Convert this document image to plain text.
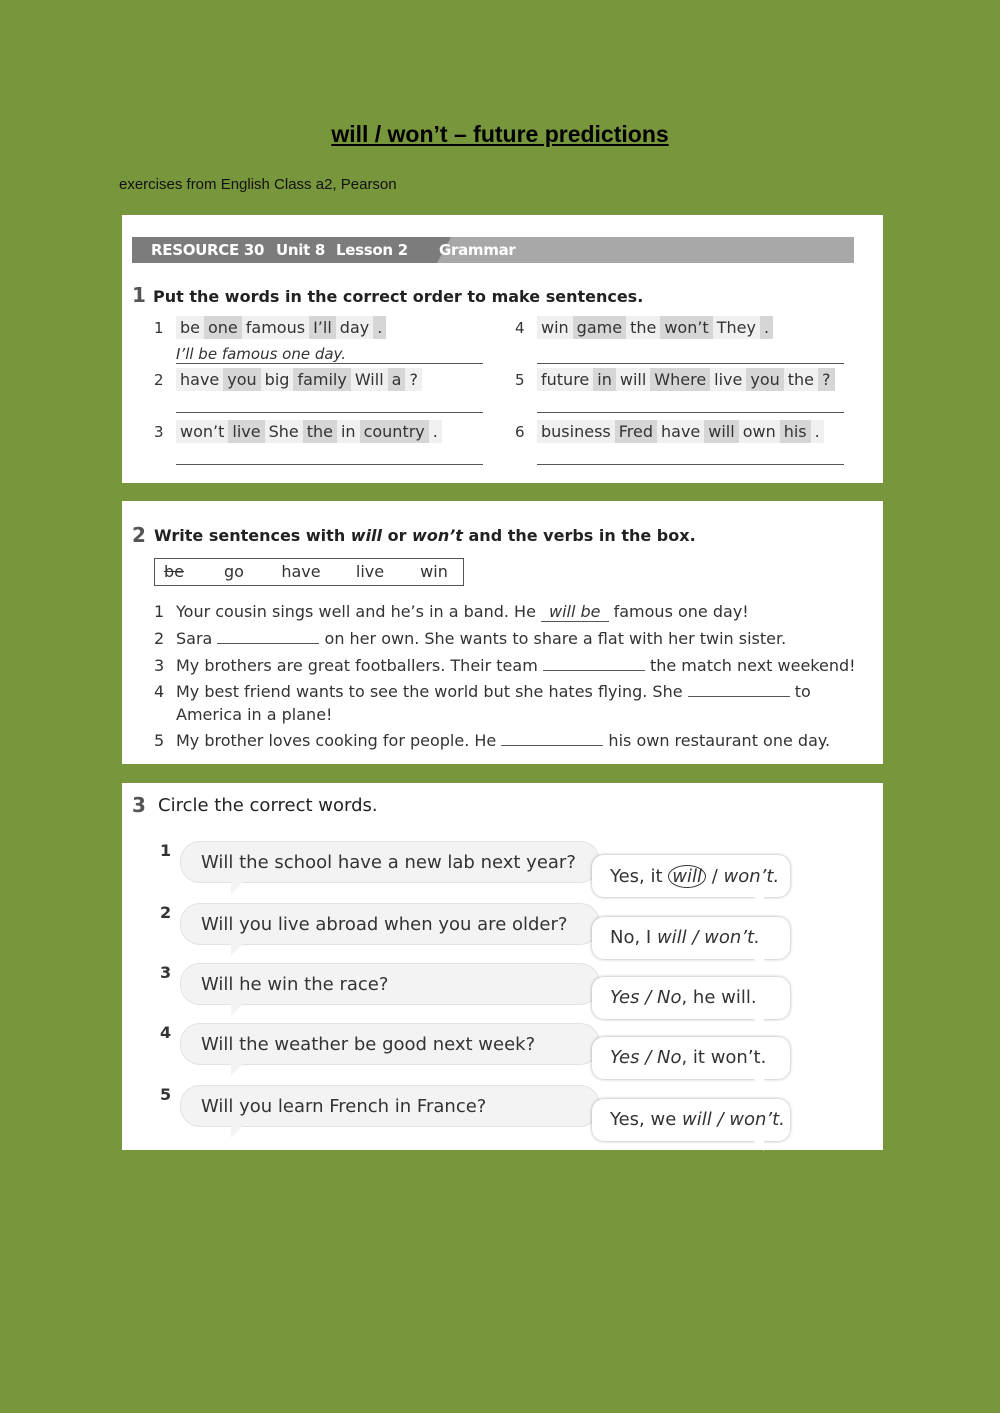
will / won’t – future predictions
exercises from English Class a2, Pearson
RESOURCE 30 Unit 8 Lesson 2 Grammar
1 Put the words in the correct order to make sentences.
1 be one famous I’ll day .
I’ll be famous one day.
2 have you big family Will a ?
3 won’t live She the in country .
4 win game the won’t They .
5 future in will Where live you the ?
6 business Fred have will own his .
2 Write sentences with will or won’t and the verbs in the box.
be	go	have	live	win
1 Your cousin sings well and he’s in a band. He will be famous one day!
2 Sara	on her own. She wants to share a flat with her twin sister.
3 My brothers are great footballers. Their team	the match next weekend!
4 My best friend wants to see the world but she hates flying. She	to
America in a plane!
5 My brother loves cooking for people. He	his own restaurant one day.
3 Circle the correct words.
1
Will the school have a new lab next year?
Yes, it will / won’t.
2
Will you live abroad when you are older?
No, I will / won’t.
3
Will he win the race?
Yes / No, he will.
4
Will the weather be good next week?
Yes / No, it won’t.
5
Will you learn French in France?
Yes, we will / won’t.
